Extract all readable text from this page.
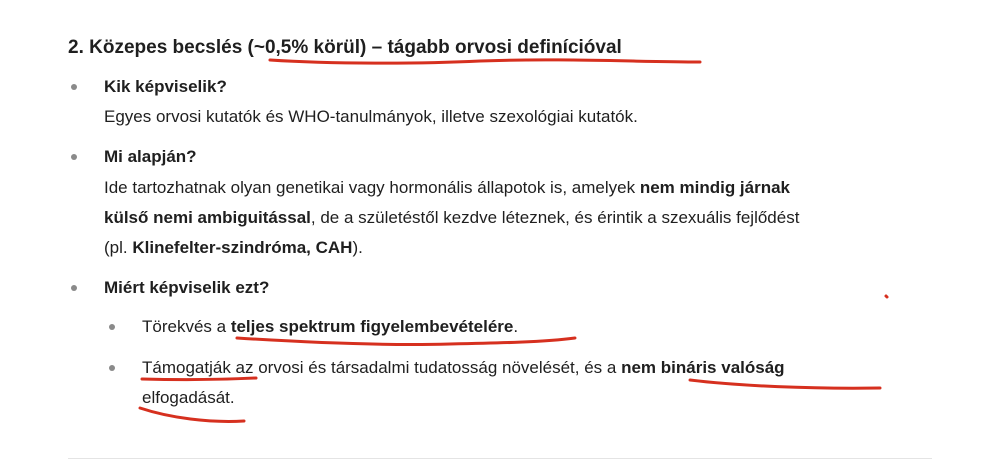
2. Közepes becslés (~0,5% körül) – tágabb orvosi definícióval
Kik képviselik?
Egyes orvosi kutatók és WHO-tanulmányok, illetve szexológiai kutatók.
Mi alapján?
Ide tartozhatnak olyan genetikai vagy hormonális állapotok is, amelyek nem mindig járnak
külső nemi ambiguitással, de a születéstől kezdve léteznek, és érintik a szexuális fejlődést
(pl. Klinefelter-szindróma, CAH).
Miért képviselik ezt?
Törekvés a teljes spektrum figyelembevételére.
Támogatják az orvosi és társadalmi tudatosság növelését, és a nem bináris valóság
elfogadását.
